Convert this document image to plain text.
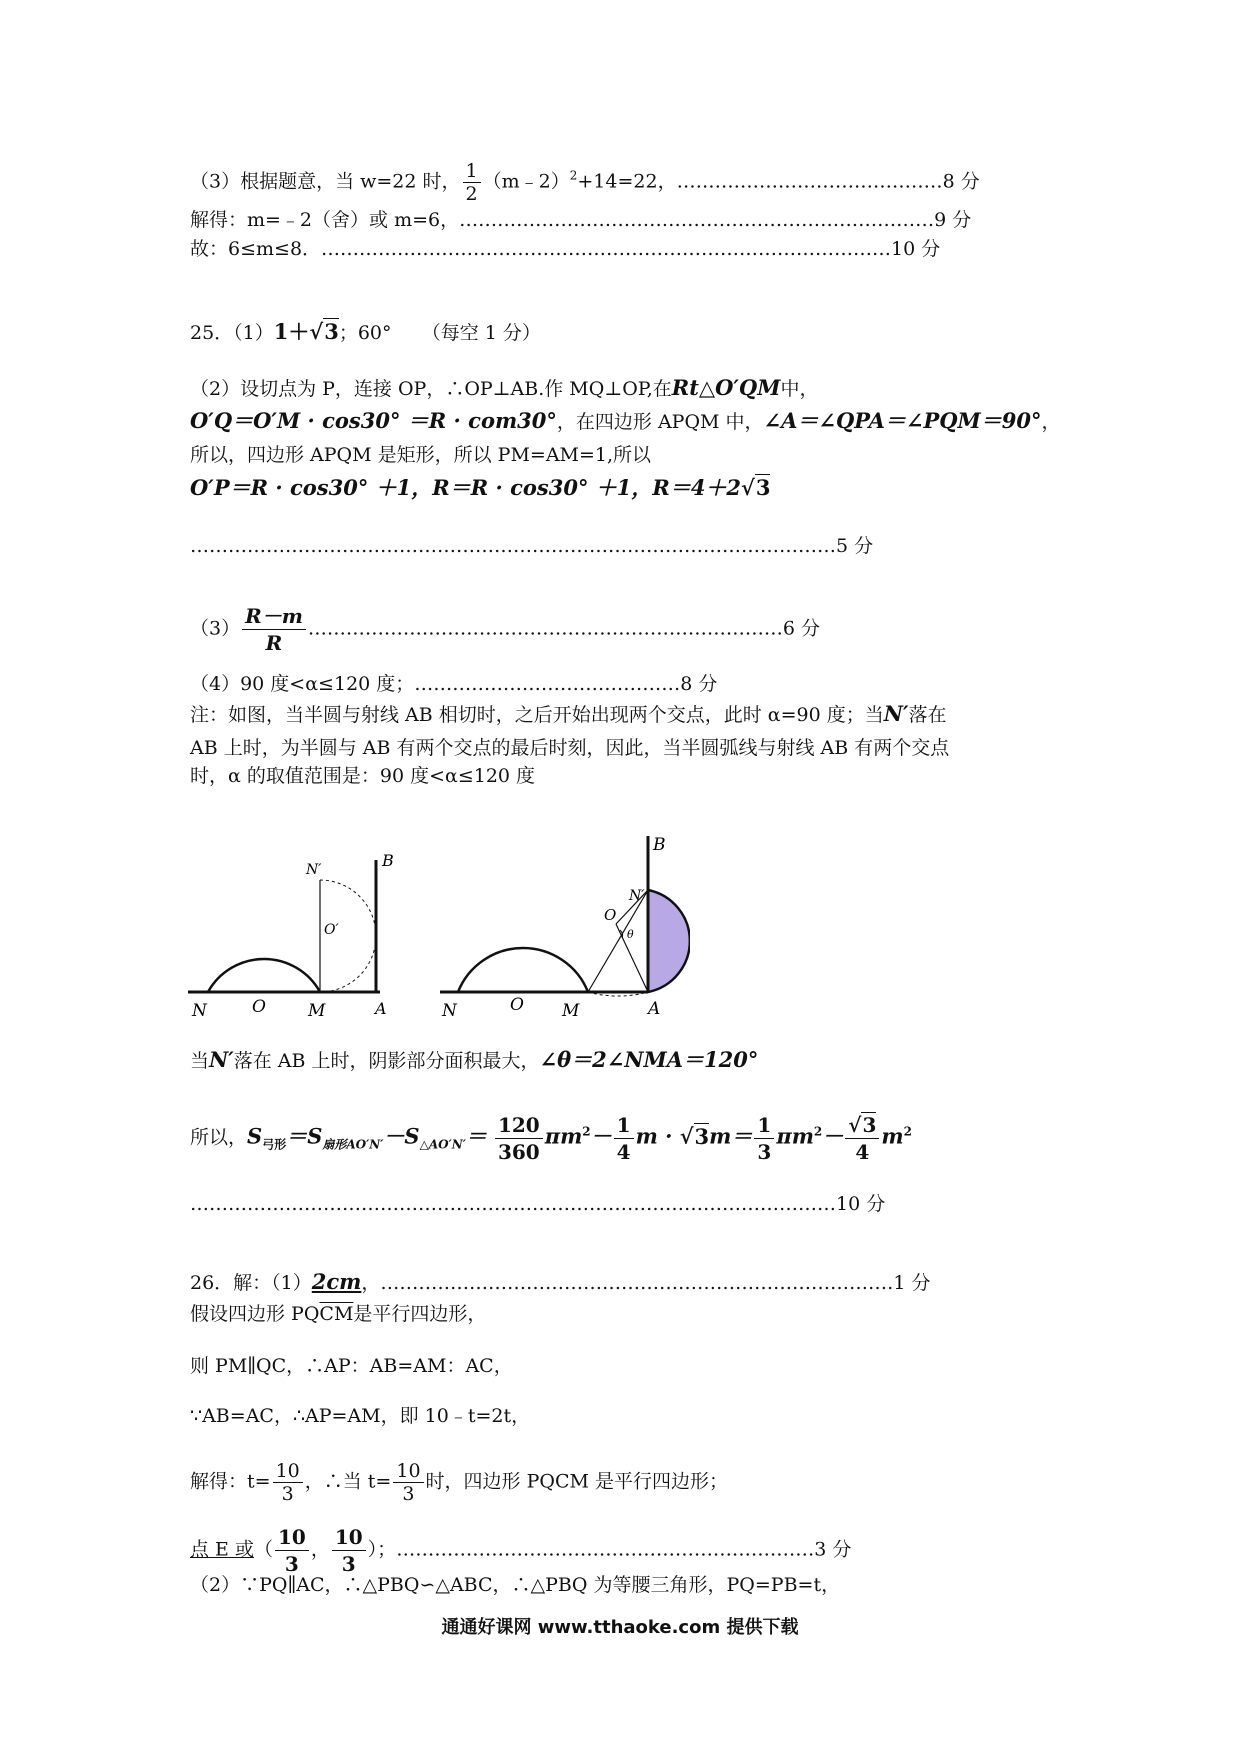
（3）根据题意，当 w=22 时， $\frac{1}{2}$ （m﹣2）$^2$+14=22，……………………………………8 分
解得：m=﹣2（舍）或 m=6，…………………………………………………………………9 分
故：6≤m≤8．………………………………………………………………………………10 分
25．（1）1＋√3；60° （每空 1 分）
（2）设切点为 P，连接 OP，∴OP⊥AB.作 MQ⊥OP,在Rt△O′QM中，
O′Q＝O′M · cos30° ＝R · com30°，在四边形 APQM 中，∠A＝∠QPA＝∠PQM＝90°，
所以，四边形 APQM 是矩形，所以 PM=AM=1,所以
O′P＝R · cos30° ＋1，R＝R · cos30° ＋1，R＝4＋2√3
…………………………………………………………………………………………5 分
$(3) \frac{R-m}{R}$ …………………………………………………………………6 分
（4）90 度<α≤120 度；……………………………………8 分
注：如图，当半圆与射线 AB 相切时，之后开始出现两个交点，此时 α=90 度；当N′落在
AB 上时，为半圆与 AB 有两个交点的最后时刻，因此，当半圆弧线与射线 AB 有两个交点
时，α 的取值范围是：90 度<α≤120 度
B
N′
O′
N	O M	A
B
N′
O
θ
N	O M	A
当N′落在 AB 上时，阴影部分面积最大，∠θ＝2∠NMA＝120°
所以，$S_{弓形}=S_{扇形AO'N'}-S_{\triangle AO'N'}= \frac{120}{360} \pi m^2- \frac{1}{4}$ $m \cdot √3m= \frac{1}{3} \pi m^2- \frac{√3}{4} m^2$
…………………………………………………………………………………………10 分
26．解：（1）2cm，………………………………………………………………………1 分
假设四边形 $PQ\overline{CM}$是平行四边形，
则 PM∥QC，∴AP：AB=AM：AC，
∵AB=AC，∴AP=AM，即 10﹣t=2t，
解得：$t= \frac{10}{3}$ ，∴当 $t= \frac{10}{3}$ 时，四边形 PQCM 是平行四边形；
点 E 或（ $\frac{10}{3}$ ， $\frac{10}{3}$ ）；…………………………………………………………3 分
（2）∵PQ∥AC，∴△PBQ∽△ABC，∴△PBQ 为等腰三角形，PQ=PB=t，
通通好课网 www.tthaoke.com 提供下载
